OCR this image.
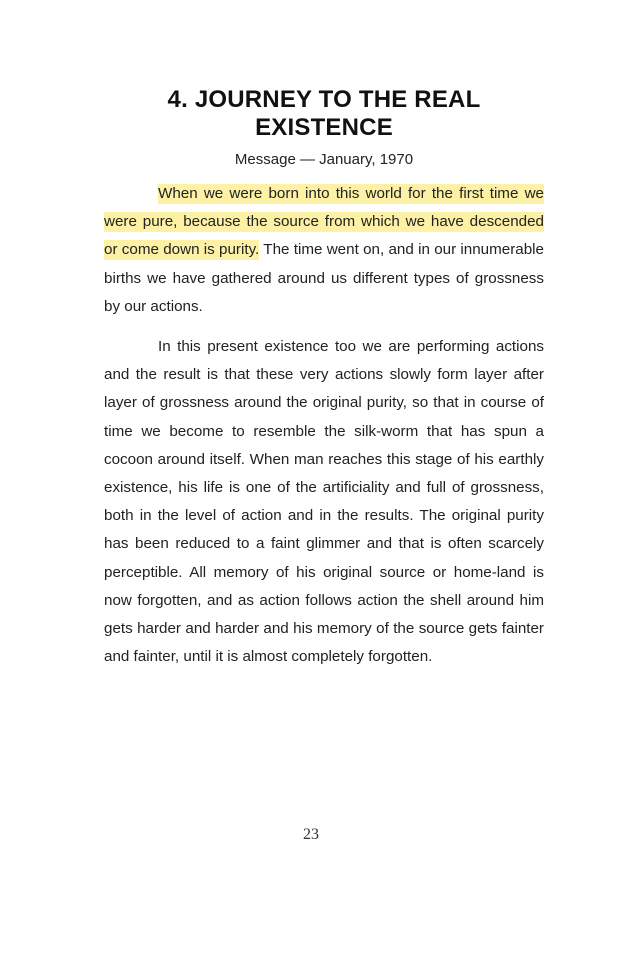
4. JOURNEY TO THE REAL EXISTENCE
Message — January, 1970

When we were born into this world for the first time we were pure, because the source from which we have descended or come down is purity. The time went on, and in our innumerable births we have gathered around us different types of grossness by our actions.

In this present existence too we are performing actions and the result is that these very actions slowly form layer after layer of grossness around the original purity, so that in course of time we become to resemble the silk-worm that has spun a cocoon around itself. When man reaches this stage of his earthly existence, his life is one of the artificiality and full of grossness, both in the level of action and in the results. The original purity has been reduced to a faint glimmer and that is often scarcely perceptible. All memory of his original source or home-land is now forgotten, and as action follows action the shell around him gets harder and harder and his memory of the source gets fainter and fainter, until it is almost completely forgotten.

23
